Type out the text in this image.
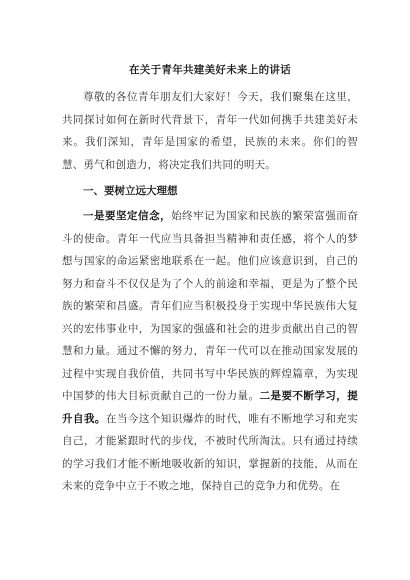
在关于青年共建美好未来上的讲话

尊敬的各位青年朋友们大家好！今天，我们聚集在这里，共同探讨如何在新时代背景下，青年一代如何携手共建美好未来。我们深知，青年是国家的希望，民族的未来。你们的智慧、勇气和创造力，将决定我们共同的明天。

一、要树立远大理想

一是要坚定信念，始终牢记为国家和民族的繁荣富强而奋斗的使命。青年一代应当具备担当精神和责任感，将个人的梦想与国家的命运紧密地联系在一起。他们应该意识到，自己的努力和奋斗不仅仅是为了个人的前途和幸福，更是为了整个民族的繁荣和昌盛。青年们应当积极投身于实现中华民族伟大复兴的宏伟事业中，为国家的强盛和社会的进步贡献出自己的智慧和力量。通过不懈的努力，青年一代可以在推动国家发展的过程中实现自我价值，共同书写中华民族的辉煌篇章，为实现中国梦的伟大目标贡献自己的一份力量。二是要不断学习，提升自我。在当今这个知识爆炸的时代，唯有不断地学习和充实自己，才能紧跟时代的步伐，不被时代所淘汰。只有通过持续的学习我们才能不断地吸收新的知识，掌握新的技能，从而在未来的竞争中立于不败之地，保持自己的竞争力和优势。在
